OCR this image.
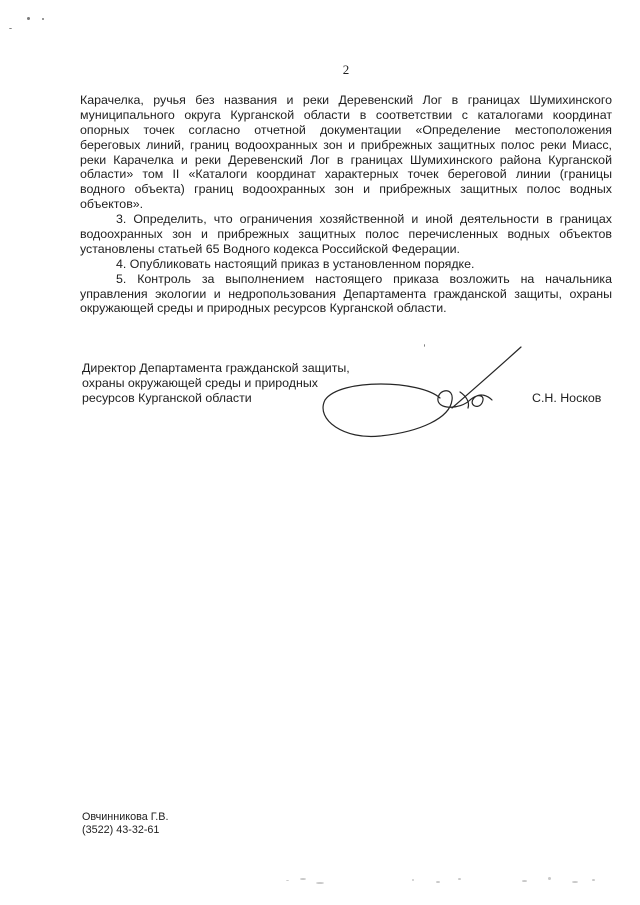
2
Карачелка, ручья без названия и реки Деревенский Лог в границах Шумихинского
муниципального округа Курганской области в соответствии с каталогами координат
опорных точек согласно отчетной документации «Определение местоположения
береговых линий, границ водоохранных зон и прибрежных защитных полос реки Миасс,
реки Карачелка и реки Деревенский Лог в границах Шумихинского района Курганской
области» том II «Каталоги координат характерных точек береговой линии (границы
водного объекта) границ водоохранных зон и прибрежных защитных полос водных
объектов».
3. Определить, что ограничения хозяйственной и иной деятельности в границах
водоохранных зон и прибрежных защитных полос перечисленных водных объектов
установлены статьей 65 Водного кодекса Российской Федерации.
4. Опубликовать настоящий приказ в установленном порядке.
5. Контроль за выполнением настоящего приказа возложить на начальника
управления экологии и недропользования Департамента гражданской защиты, охраны
окружающей среды и природных ресурсов Курганской области.
Директор Департамента гражданской защиты,
охраны окружающей среды и природных
ресурсов Курганской области	С.Н. Носков
Овчинникова Г.В.
(3522) 43-32-61
